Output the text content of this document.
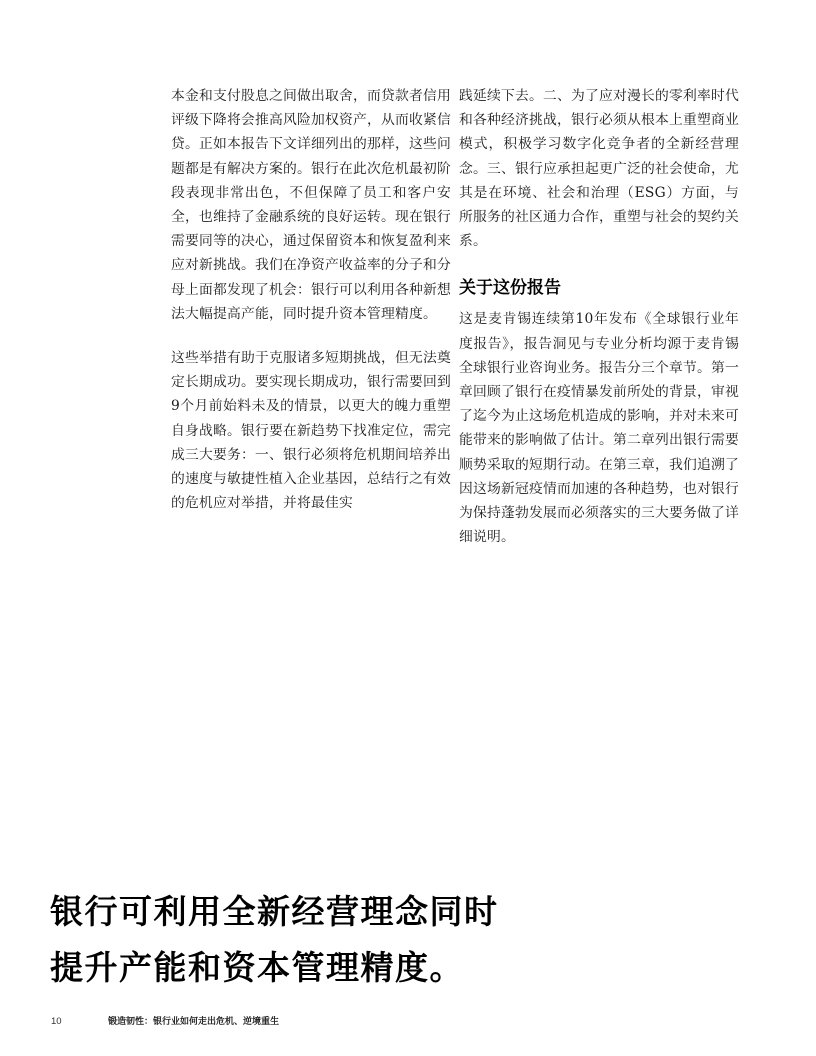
本金和支付股息之间做出取舍，而贷款者信用评级下降将会推高风险加权资产，从而收紧信贷。正如本报告下文详细列出的那样，这些问题都是有解决方案的。银行在此次危机最初阶段表现非常出色，不但保障了员工和客户安全，也维持了金融系统的良好运转。现在银行需要同等的决心，通过保留资本和恢复盈利来应对新挑战。我们在净资产收益率的分子和分母上面都发现了机会：银行可以利用各种新想法大幅提高产能，同时提升资本管理精度。

这些举措有助于克服诸多短期挑战，但无法奠定长期成功。要实现长期成功，银行需要回到9个月前始料未及的情景，以更大的魄力重塑自身战略。银行要在新趋势下找准定位，需完成三大要务：一、银行必须将危机期间培养出的速度与敏捷性植入企业基因，总结行之有效的危机应对举措，并将最佳实

践延续下去。二、为了应对漫长的零利率时代和各种经济挑战，银行必须从根本上重塑商业模式，积极学习数字化竞争者的全新经营理念。三、银行应承担起更广泛的社会使命，尤其是在环境、社会和治理（ESG）方面，与所服务的社区通力合作，重塑与社会的契约关系。

关于这份报告

这是麦肯锡连续第10年发布《全球银行业年度报告》，报告洞见与专业分析均源于麦肯锡全球银行业咨询业务。报告分三个章节。第一章回顾了银行在疫情暴发前所处的背景，审视了迄今为止这场危机造成的影响，并对未来可能带来的影响做了估计。第二章列出银行需要顺势采取的短期行动。在第三章，我们追溯了因这场新冠疫情而加速的各种趋势，也对银行为保持蓬勃发展而必须落实的三大要务做了详细说明。

银行可利用全新经营理念同时
提升产能和资本管理精度。
10	锻造韧性：银行业如何走出危机、逆境重生
